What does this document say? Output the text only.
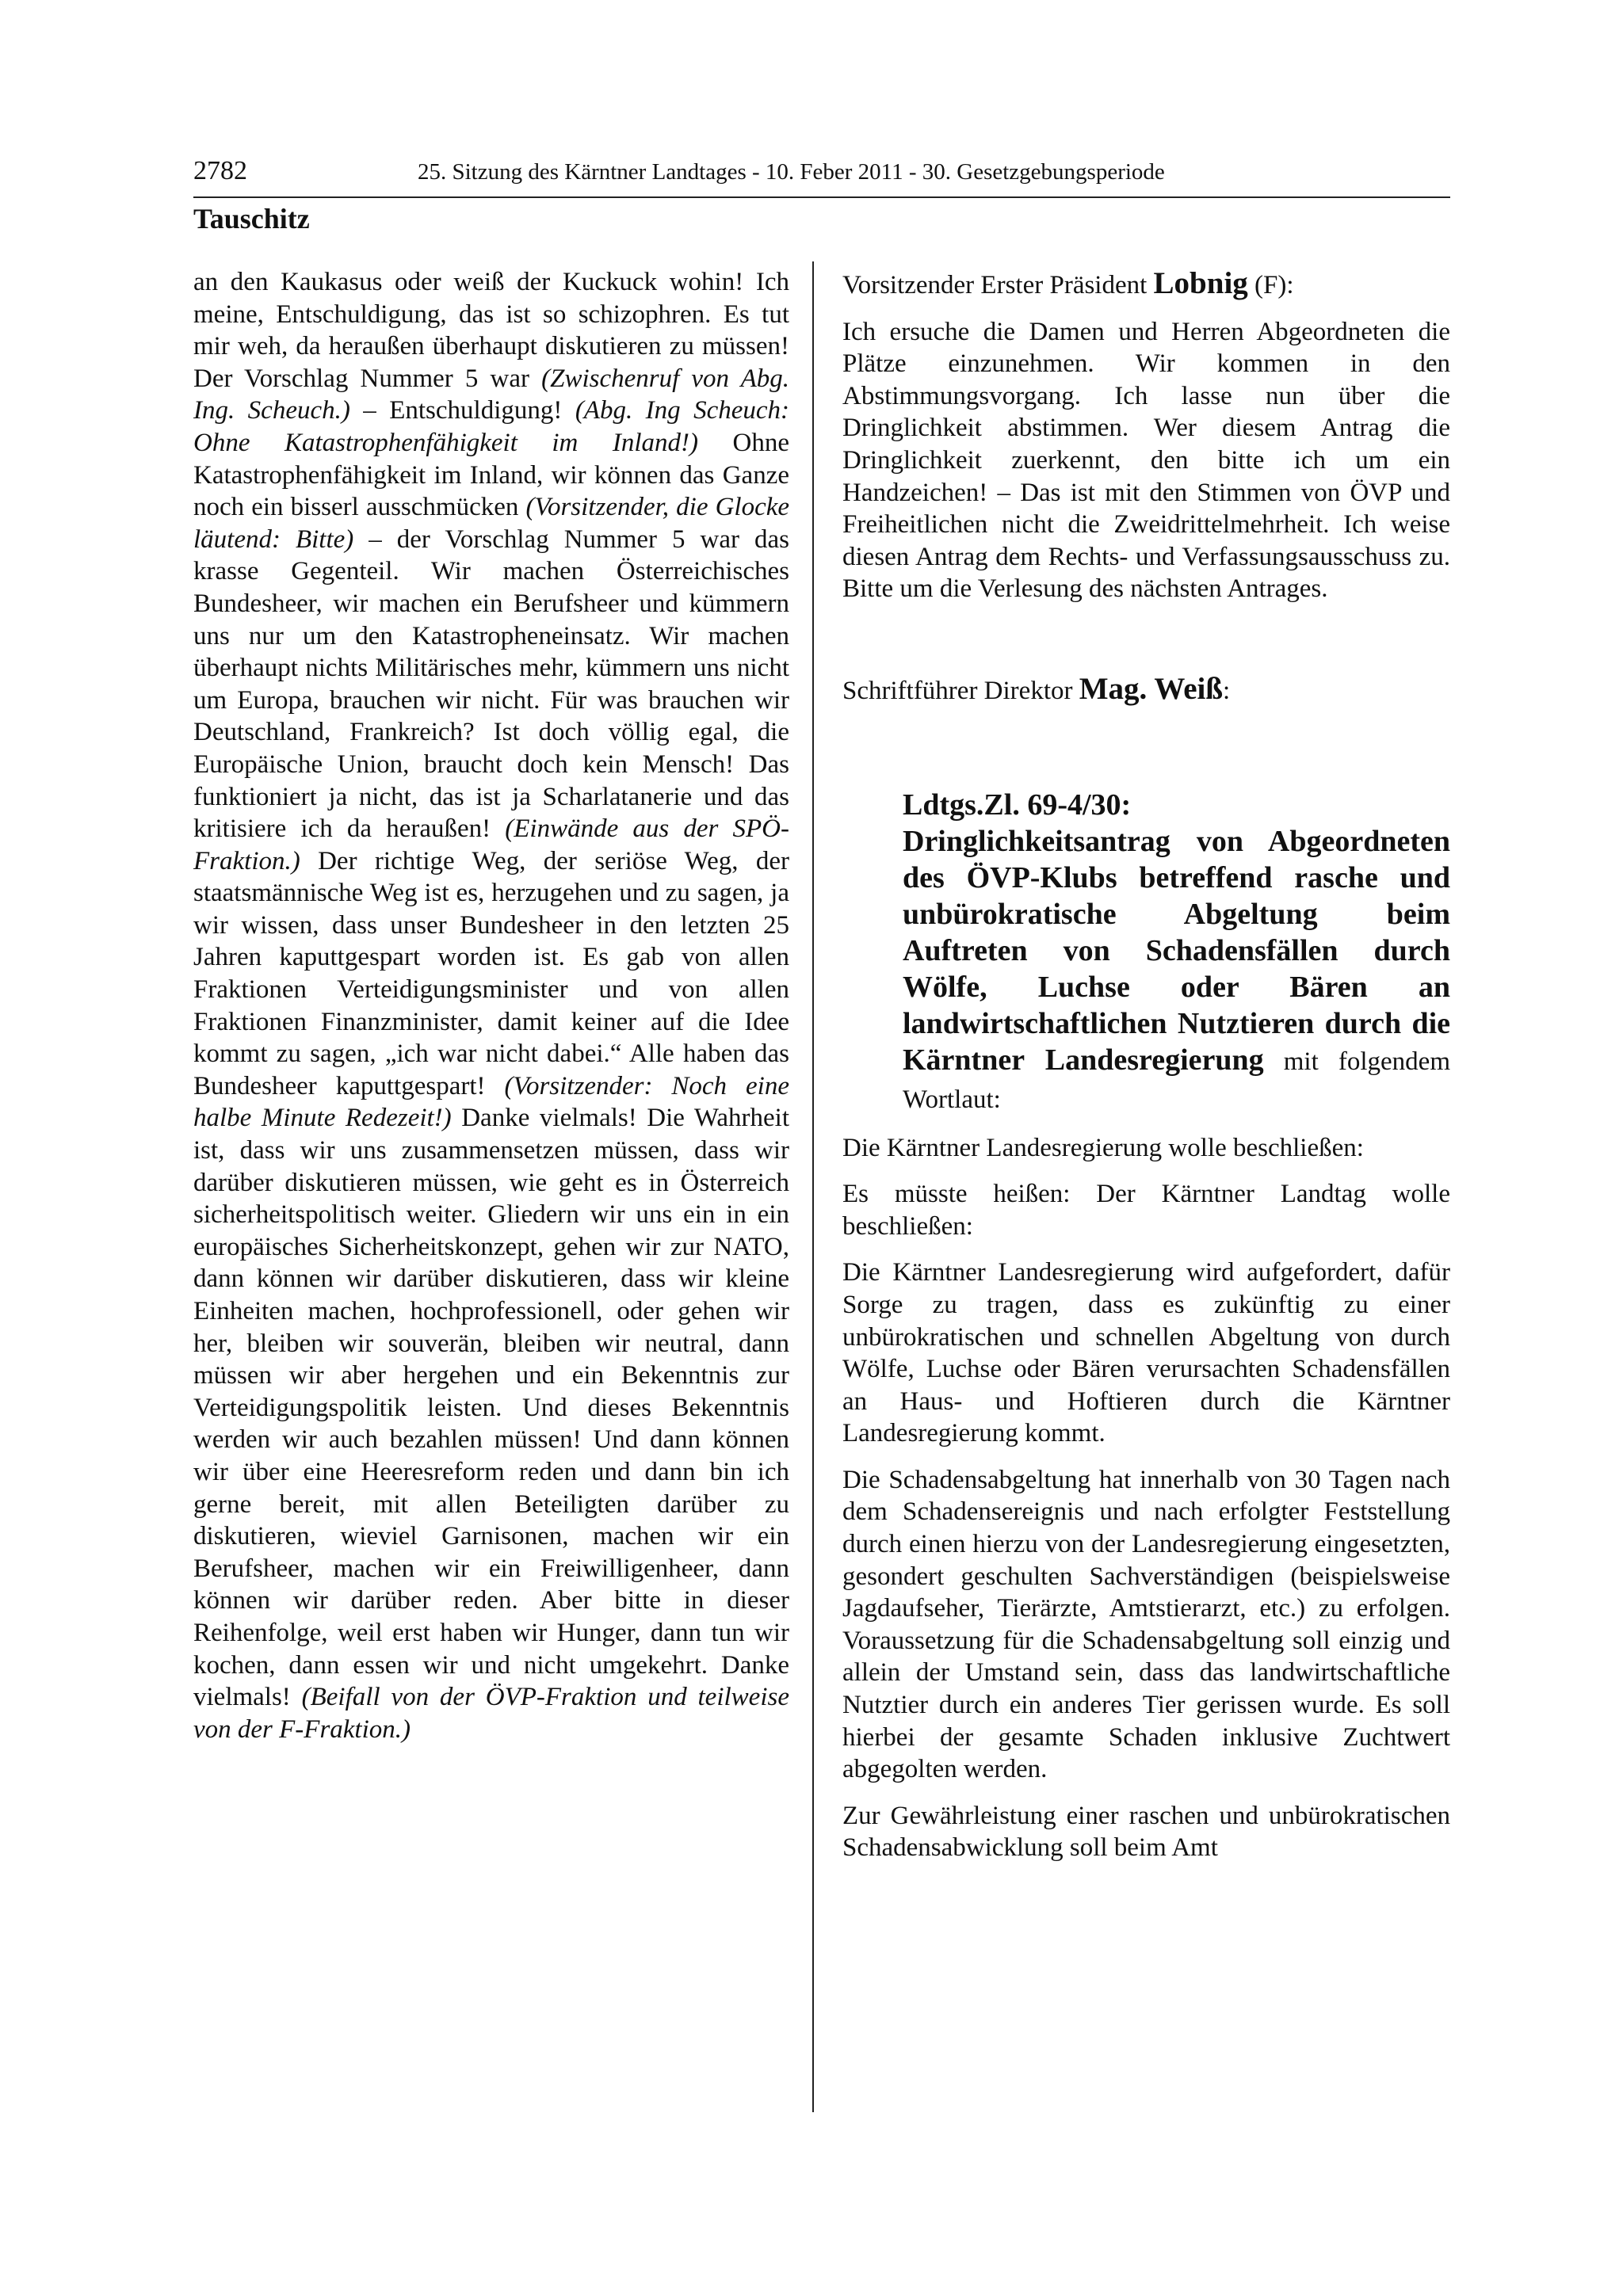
2782	25. Sitzung des Kärntner Landtages - 10. Feber 2011 - 30. Gesetzgebungsperiode
Tauschitz

an den Kaukasus oder weiß der Kuckuck wohin! Ich meine, Entschuldigung, das ist so schizophren. Es tut mir weh, da heraußen überhaupt diskutieren zu müssen! Der Vorschlag Nummer 5 war (Zwischenruf von Abg. Ing. Scheuch.) – Entschuldigung! (Abg. Ing Scheuch: Ohne Katastrophenfähigkeit im Inland!) Ohne Katastrophenfähigkeit im Inland, wir können das Ganze noch ein bisserl ausschmücken (Vorsitzender, die Glocke läutend: Bitte) – der Vorschlag Nummer 5 war das krasse Gegenteil. Wir machen Österreichisches Bundesheer, wir machen ein Berufsheer und kümmern uns nur um den Katastropheneinsatz. Wir machen überhaupt nichts Militärisches mehr, kümmern uns nicht um Europa, brauchen wir nicht. Für was brauchen wir Deutschland, Frankreich? Ist doch völlig egal, die Europäische Union, braucht doch kein Mensch! Das funktioniert ja nicht, das ist ja Scharlatanerie und das kritisiere ich da heraußen! (Einwände aus der SPÖ-Fraktion.) Der richtige Weg, der seriöse Weg, der staatsmännische Weg ist es, herzugehen und zu sagen, ja wir wissen, dass unser Bundesheer in den letzten 25 Jahren kaputtgespart worden ist. Es gab von allen Fraktionen Verteidigungsminister und von allen Fraktionen Finanzminister, damit keiner auf die Idee kommt zu sagen, „ich war nicht dabei.“ Alle haben das Bundesheer kaputtgespart! (Vorsitzender: Noch eine halbe Minute Redezeit!) Danke vielmals! Die Wahrheit ist, dass wir uns zusammensetzen müssen, dass wir darüber diskutieren müssen, wie geht es in Österreich sicherheitspolitisch weiter. Gliedern wir uns ein in ein europäisches Sicherheitskonzept, gehen wir zur NATO, dann können wir darüber diskutieren, dass wir kleine Einheiten machen, hochprofessionell, oder gehen wir her, bleiben wir souverän, bleiben wir neutral, dann müssen wir aber hergehen und ein Bekenntnis zur Verteidigungspolitik leisten. Und dieses Bekenntnis werden wir auch bezahlen müssen! Und dann können wir über eine Heeresreform reden und dann bin ich gerne bereit, mit allen Beteiligten darüber zu diskutieren, wieviel Garnisonen, machen wir ein Berufsheer, machen wir ein Freiwilligenheer, dann können wir darüber reden. Aber bitte in dieser Reihenfolge, weil erst haben wir Hunger, dann tun wir kochen, dann essen wir und nicht umgekehrt. Danke vielmals! (Beifall von der ÖVP-Fraktion und teilweise von der F-Fraktion.)

Vorsitzender Erster Präsident Lobnig (F):

Ich ersuche die Damen und Herren Abgeordneten die Plätze einzunehmen. Wir kommen in den Abstimmungsvorgang. Ich lasse nun über die Dringlichkeit abstimmen. Wer diesem Antrag die Dringlichkeit zuerkennt, den bitte ich um ein Handzeichen! – Das ist mit den Stimmen von ÖVP und Freiheitlichen nicht die Zweidrittelmehrheit. Ich weise diesen Antrag dem Rechts- und Verfassungsausschuss zu. Bitte um die Verlesung des nächsten Antrages.

Schriftführer Direktor Mag. Weiß:

Ldtgs.Zl. 69-4/30:
Dringlichkeitsantrag von Abgeordneten des ÖVP-Klubs betreffend rasche und unbürokratische Abgeltung beim Auftreten von Schadensfällen durch Wölfe, Luchse oder Bären an landwirtschaftlichen Nutztieren durch die Kärntner Landesregierung mit folgendem Wortlaut:

Die Kärntner Landesregierung wolle beschließen:

Es müsste heißen: Der Kärntner Landtag wolle beschließen:

Die Kärntner Landesregierung wird aufgefordert, dafür Sorge zu tragen, dass es zukünftig zu einer unbürokratischen und schnellen Abgeltung von durch Wölfe, Luchse oder Bären verursachten Schadensfällen an Haus- und Hoftieren durch die Kärntner Landesregierung kommt.

Die Schadensabgeltung hat innerhalb von 30 Tagen nach dem Schadensereignis und nach erfolgter Feststellung durch einen hierzu von der Landesregierung eingesetzten, gesondert geschulten Sachverständigen (beispielsweise Jagdaufseher, Tierärzte, Amtstierarzt, etc.) zu erfolgen. Voraussetzung für die Schadensabgeltung soll einzig und allein der Umstand sein, dass das landwirtschaftliche Nutztier durch ein anderes Tier gerissen wurde. Es soll hierbei der gesamte Schaden inklusive Zuchtwert abgegolten werden.

Zur Gewährleistung einer raschen und unbürokratischen Schadensabwicklung soll beim Amt
